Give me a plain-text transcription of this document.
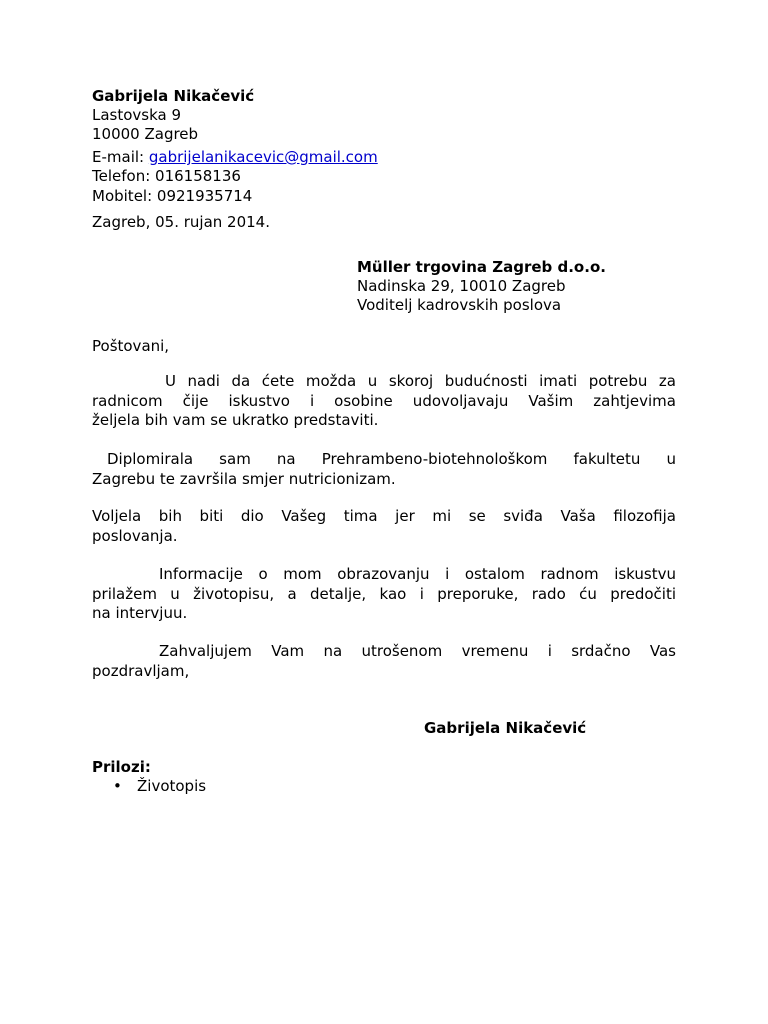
Gabrijela Nikačević
Lastovska 9
10000 Zagreb
E-mail: gabrijelanikacevic@gmail.com
Telefon: 016158136
Mobitel: 0921935714
Zagreb, 05. rujan 2014.
Müller trgovina Zagreb d.o.o.
Nadinska 29, 10010 Zagreb
Voditelj kadrovskih poslova
Poštovani,
U nadi da ćete možda u skoroj budućnosti imati potrebu za
radnicom čije iskustvo i osobine udovoljavaju Vašim zahtjevima
željela bih vam se ukratko predstaviti.
Diplomirala sam na Prehrambeno-biotehnološkom fakultetu u
Zagrebu te završila smjer nutricionizam.
Voljela bih biti dio Vašeg tima jer mi se sviđa Vaša filozofija
poslovanja.
Informacije o mom obrazovanju i ostalom radnom iskustvu
prilažem u životopisu, a detalje, kao i preporuke, rado ću predočiti
na intervjuu.
Zahvaljujem Vam na utrošenom vremenu i srdačno Vas
pozdravljam,
Gabrijela Nikačević
Prilozi:
• Životopis
